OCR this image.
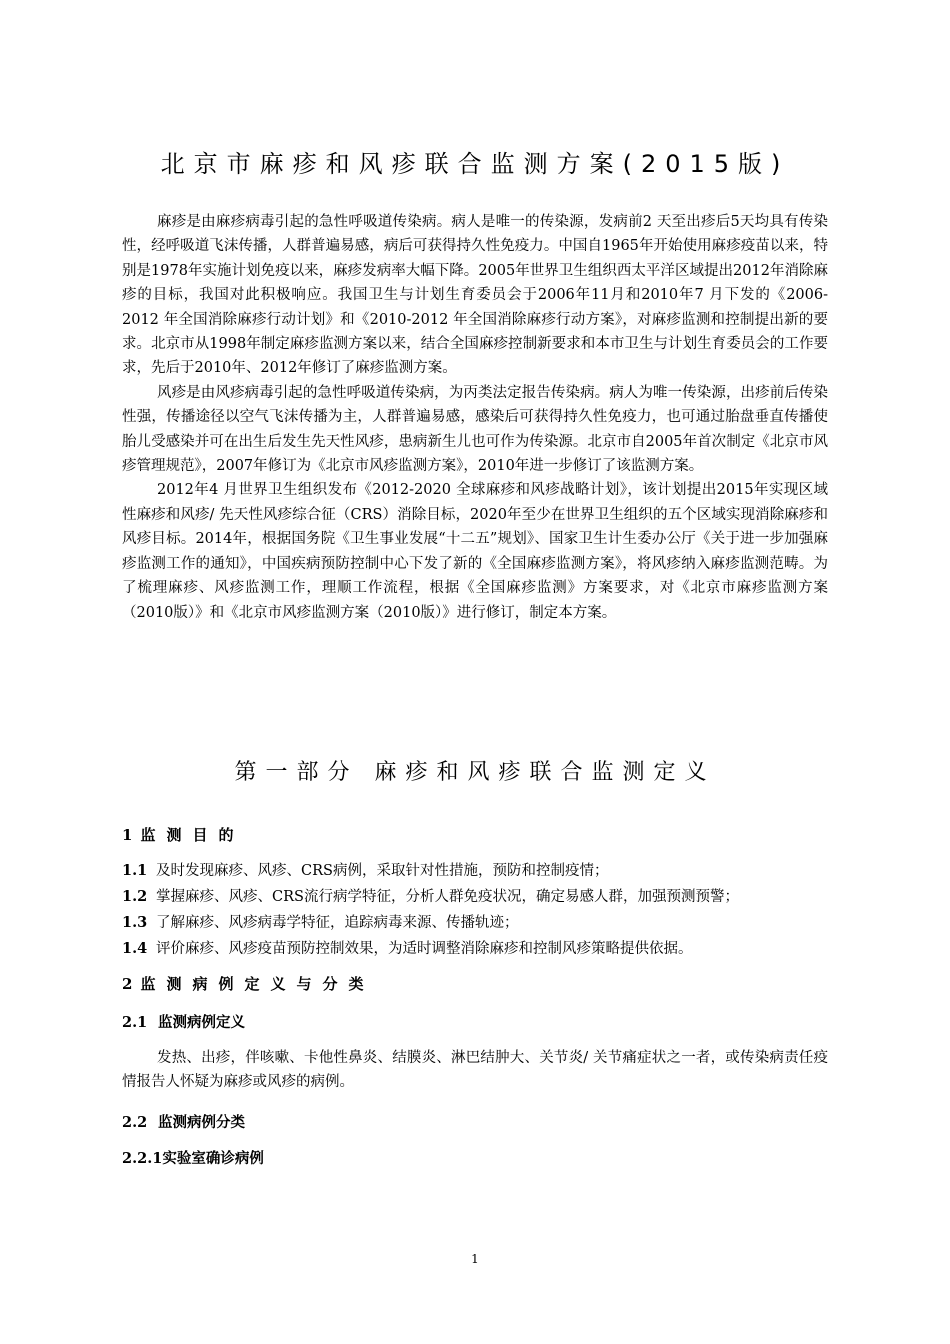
北京市麻疹和风疹联合监测方案(2015版)

麻疹是由麻疹病毒引起的急性呼吸道传染病。病人是唯一的传染源，发病前2 天至出疹后5天均具有传染性，经呼吸道飞沫传播，人群普遍易感，病后可获得持久性免疫力。中国自1965年开始使用麻疹疫苗以来，特别是1978年实施计划免疫以来，麻疹发病率大幅下降。2005年世界卫生组织西太平洋区域提出2012年消除麻疹的目标，我国对此积极响应。我国卫生与计划生育委员会于2006年11月和2010年7 月下发的《2006-2012 年全国消除麻疹行动计划》和《2010-2012 年全国消除麻疹行动方案》，对麻疹监测和控制提出新的要求。北京市从1998年制定麻疹监测方案以来，结合全国麻疹控制新要求和本市卫生与计划生育委员会的工作要求，先后于2010年、2012年修订了麻疹监测方案。

风疹是由风疹病毒引起的急性呼吸道传染病，为丙类法定报告传染病。病人为唯一传染源，出疹前后传染性强，传播途径以空气飞沫传播为主，人群普遍易感，感染后可获得持久性免疫力，也可通过胎盘垂直传播使胎儿受感染并可在出生后发生先天性风疹，患病新生儿也可作为传染源。北京市自2005年首次制定《北京市风疹管理规范》，2007年修订为《北京市风疹监测方案》，2010年进一步修订了该监测方案。

2012年4 月世界卫生组织发布《2012-2020 全球麻疹和风疹战略计划》，该计划提出2015年实现区域性麻疹和风疹/ 先天性风疹综合征（CRS）消除目标，2020年至少在世界卫生组织的五个区域实现消除麻疹和风疹目标。2014年，根据国务院《卫生事业发展“十二五”规划》、国家卫生计生委办公厅《关于进一步加强麻疹监测工作的通知》，中国疾病预防控制中心下发了新的《全国麻疹监测方案》，将风疹纳入麻疹监测范畴。为了梳理麻疹、风疹监测工作，理顺工作流程，根据《全国麻疹监测》方案要求，对《北京市麻疹监测方案（2010版）》和《北京市风疹监测方案（2010版）》进行修订，制定本方案。

第一部分 麻疹和风疹联合监测定义
1 监测目的
1.1 及时发现麻疹、风疹、CRS病例，采取针对性措施，预防和控制疫情；
1.2 掌握麻疹、风疹、CRS流行病学特征，分析人群免疫状况，确定易感人群，加强预测预警；
1.3 了解麻疹、风疹病毒学特征，追踪病毒来源、传播轨迹；
1.4 评价麻疹、风疹疫苗预防控制效果，为适时调整消除麻疹和控制风疹策略提供依据。
2 监测病例定义与分类
2.1 监测病例定义

发热、出疹，伴咳嗽、卡他性鼻炎、结膜炎、淋巴结肿大、关节炎/ 关节痛症状之一者，或传染病责任疫情报告人怀疑为麻疹或风疹的病例。

2.2 监测病例分类
2.2.1实验室确诊病例
1
